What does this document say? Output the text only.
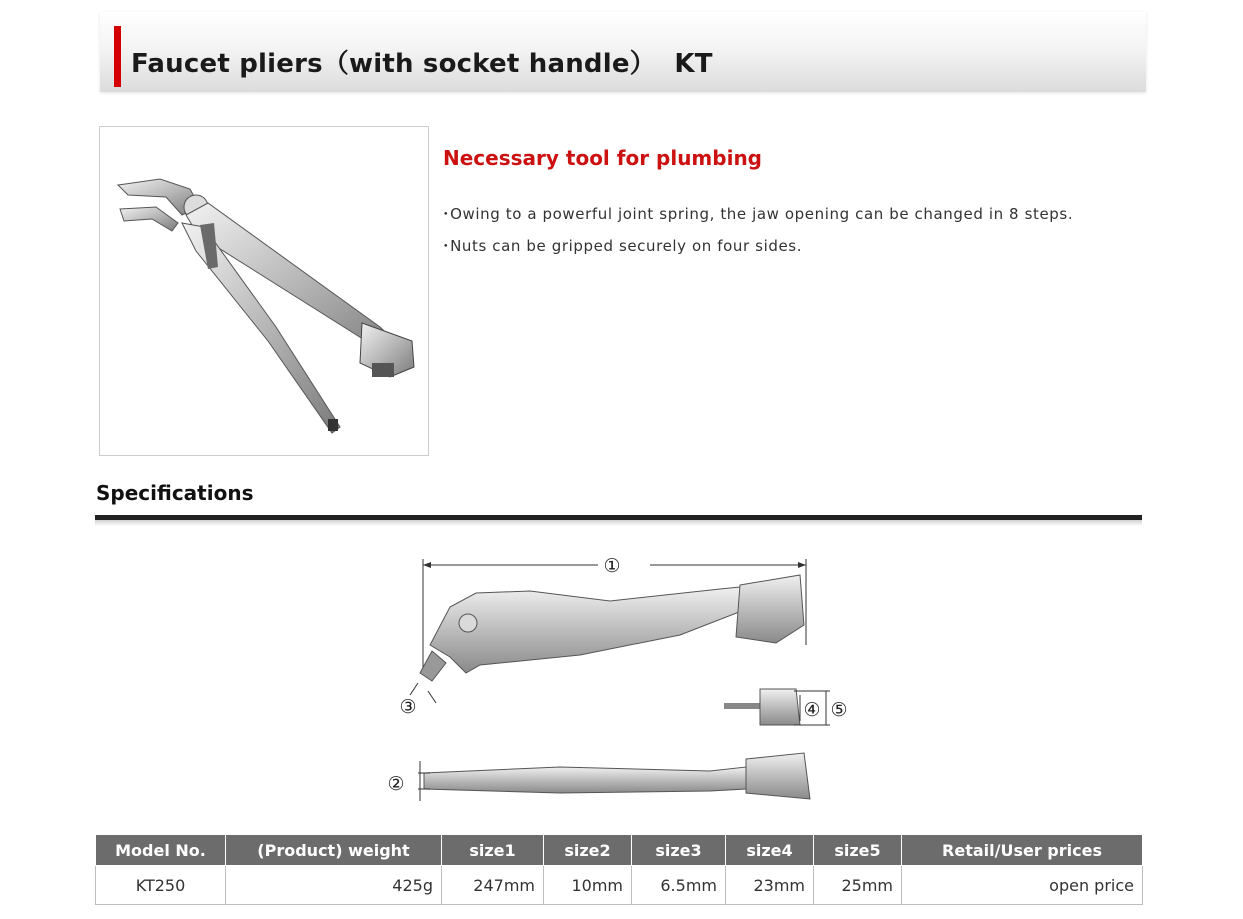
Faucet pliers（with socket handle）  KT
Necessary tool for plumbing
･Owing to a powerful joint spring, the jaw opening can be changed in 8 steps.
･Nuts can be gripped securely on four sides.
Specifications
①
③	④ ⑤
②
Model No.	(Product) weight	size1	size2	size3	size4	size5	Retail/User prices
KT250	425g	247mm	10mm	6.5mm	23mm	25mm	open price
